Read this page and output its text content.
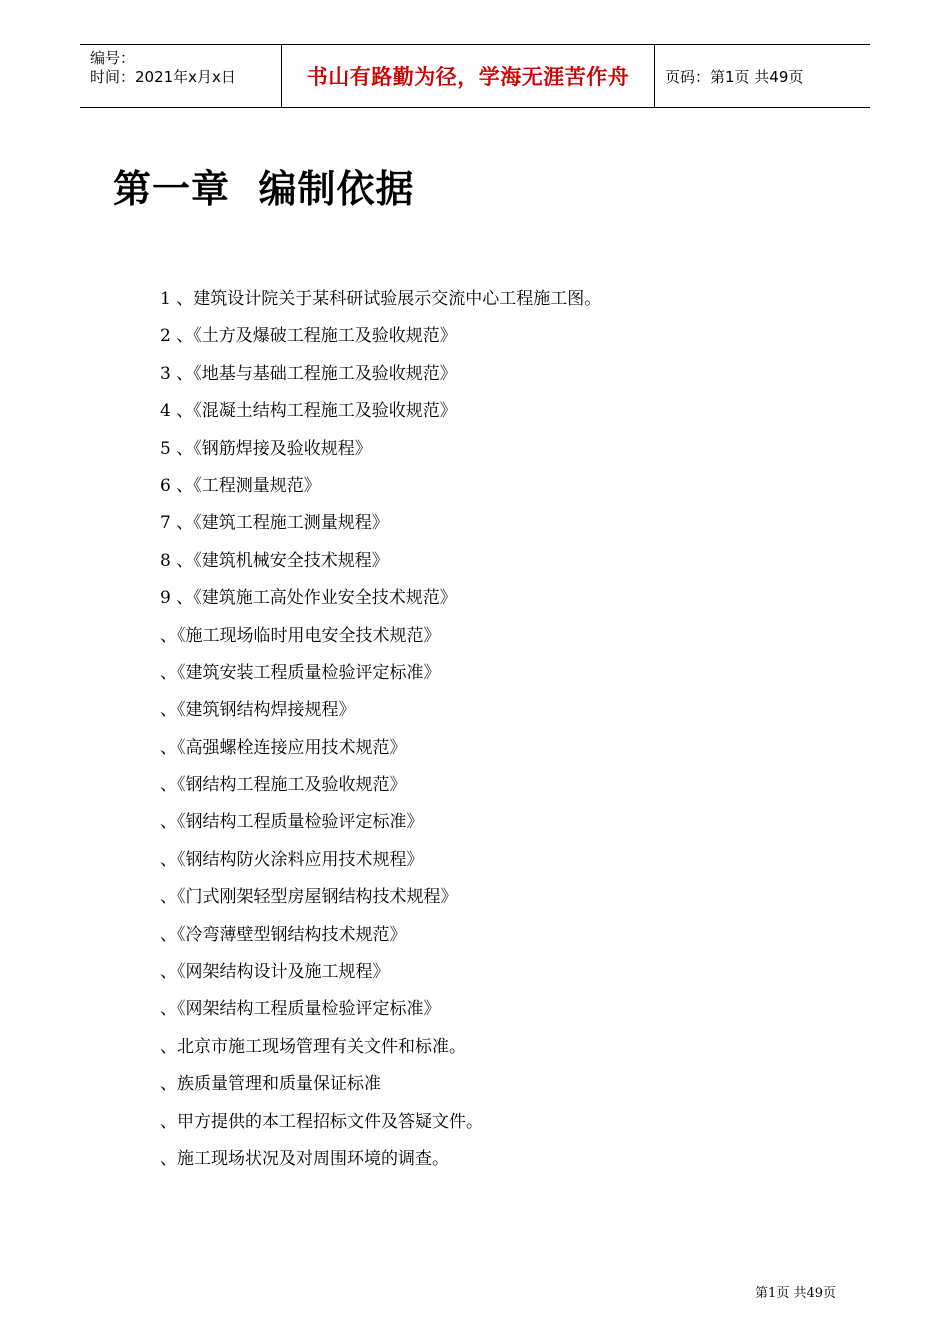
编号：
时间：2021年x月x日	书山有路勤为径，学海无涯苦作舟	页码：第1页 共49页
第一章  编制依据
1 、建筑设计院关于某科研试验展示交流中心工程施工图。
2 、《土方及爆破工程施工及验收规范》
3 、《地基与基础工程施工及验收规范》
4 、《混凝土结构工程施工及验收规范》
5 、《钢筋焊接及验收规程》
6 、《工程测量规范》
7 、《建筑工程施工测量规程》
8 、《建筑机械安全技术规程》
9 、《建筑施工高处作业安全技术规范》
、《施工现场临时用电安全技术规范》
、《建筑安装工程质量检验评定标准》
、《建筑钢结构焊接规程》
、《高强螺栓连接应用技术规范》
、《钢结构工程施工及验收规范》
、《钢结构工程质量检验评定标准》
、《钢结构防火涂料应用技术规程》
、《门式刚架轻型房屋钢结构技术规程》
、《冷弯薄壁型钢结构技术规范》
、《网架结构设计及施工规程》
、《网架结构工程质量检验评定标准》
、北京市施工现场管理有关文件和标准。
、族质量管理和质量保证标准
、甲方提供的本工程招标文件及答疑文件。
、施工现场状况及对周围环境的调查。
第1页 共49页
